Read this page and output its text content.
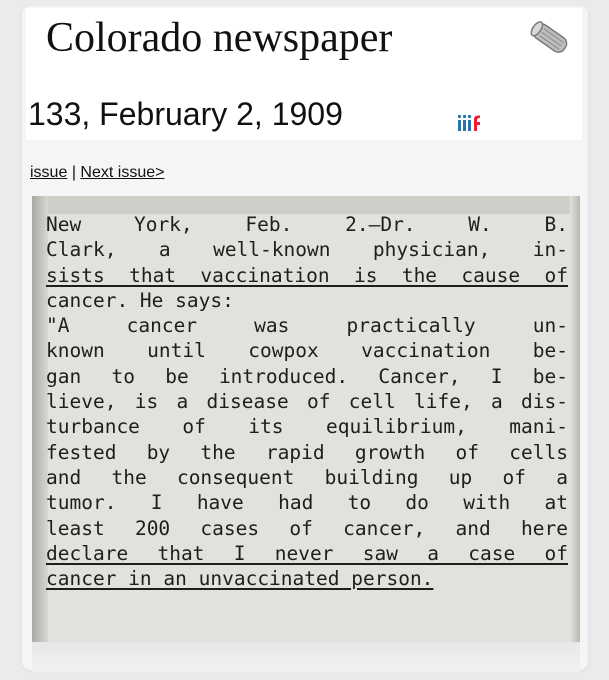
Colorado newspaper
133, February 2, 1909
issue | Next issue>
New York, Feb. 2.—Dr. W. B.
Clark, a well-known physician, in-
sists that vaccination is the cause of
cancer. He says:
"A cancer was practically un-
known until cowpox vaccination be-
gan to be introduced. Cancer, I be-
lieve, is a disease of cell life, a dis-
turbance of its equilibrium, mani-
fested by the rapid growth of cells
and the consequent building up of a
tumor. I have had to do with at
least 200 cases of cancer, and here
declare that I never saw a case of
cancer in an unvaccinated person.
